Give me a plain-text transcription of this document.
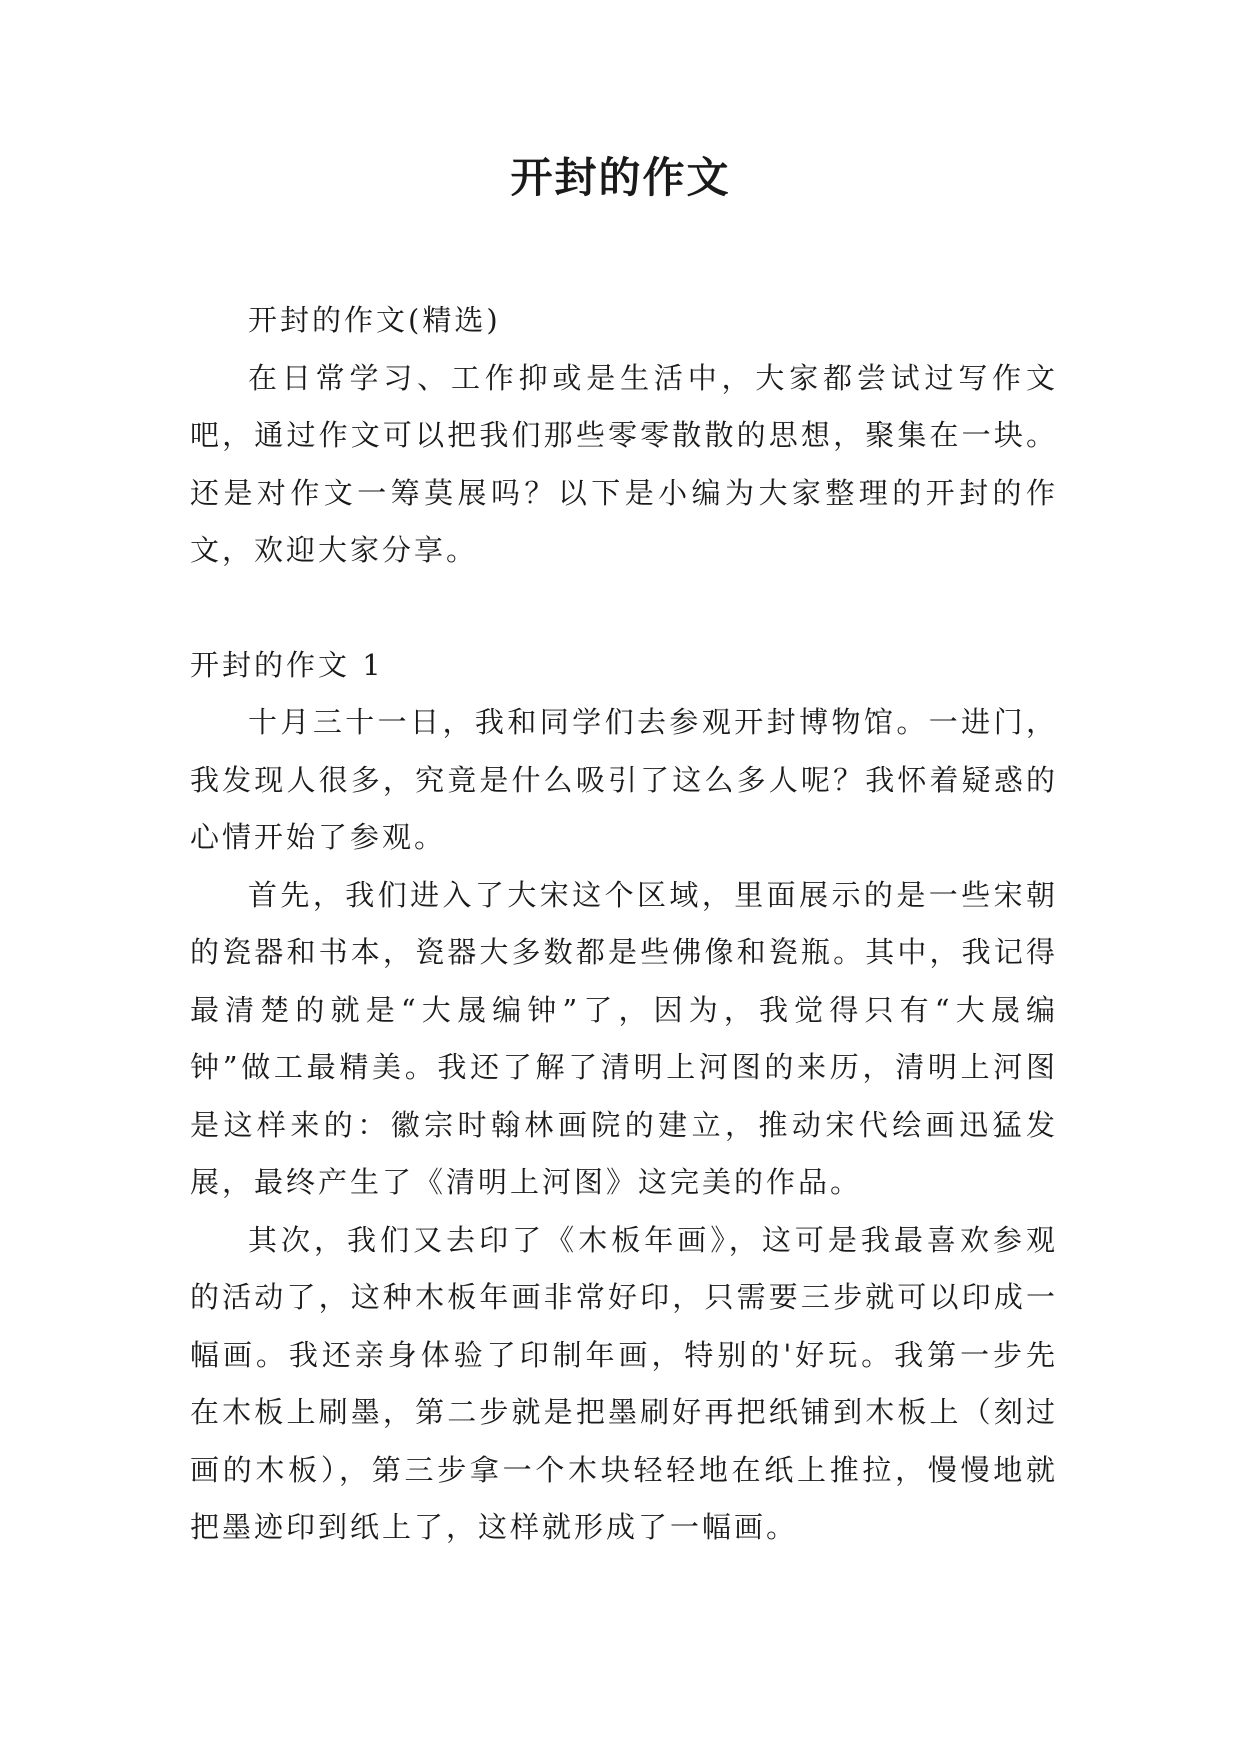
开封的作文

开封的作文(精选)

在日常学习、工作抑或是生活中，大家都尝试过写作文吧，通过作文可以把我们那些零零散散的思想，聚集在一块。还是对作文一筹莫展吗？以下是小编为大家整理的开封的作文，欢迎大家分享。

开封的作文 1

十月三十一日，我和同学们去参观开封博物馆。一进门，我发现人很多，究竟是什么吸引了这么多人呢？我怀着疑惑的心情开始了参观。

首先，我们进入了大宋这个区域，里面展示的是一些宋朝的瓷器和书本，瓷器大多数都是些佛像和瓷瓶。其中，我记得最清楚的就是“大晟编钟”了，因为，我觉得只有“大晟编钟”做工最精美。我还了解了清明上河图的来历，清明上河图是这样来的：徽宗时翰林画院的建立，推动宋代绘画迅猛发展，最终产生了《清明上河图》这完美的作品。

其次，我们又去印了《木板年画》，这可是我最喜欢参观的活动了，这种木板年画非常好印，只需要三步就可以印成一幅画。我还亲身体验了印制年画，特别的'好玩。我第一步先在木板上刷墨，第二步就是把墨刷好再把纸铺到木板上（刻过画的木板），第三步拿一个木块轻轻地在纸上推拉，慢慢地就把墨迹印到纸上了，这样就形成了一幅画。
